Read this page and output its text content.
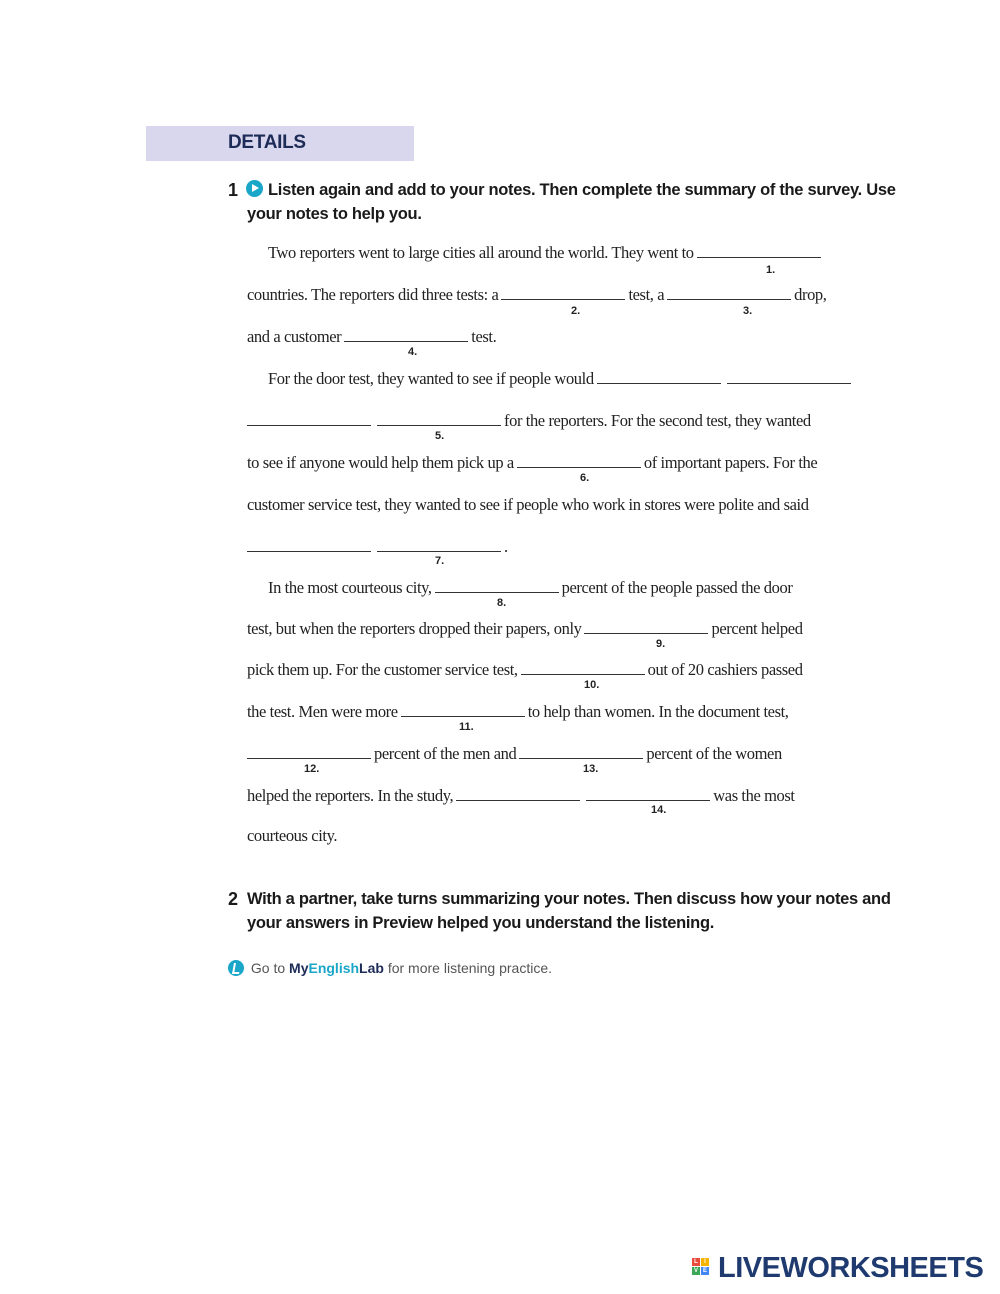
DETAILS
1 Listen again and add to your notes. Then complete the summary of the survey. Use
your notes to help you.
Two reporters went to large cities all around the world. They went to
1.
countries. The reporters did three tests: a	test, a	drop,
2.	3.
and a customer	test.
4.
For the door test, they wanted to see if people would
for the reporters. For the second test, they wanted
5.
to see if anyone would help them pick up a	of important papers. For the
6.
customer service test, they wanted to see if people who work in stores were polite and said
.
7.
In the most courteous city,	percent of the people passed the door
8.
test, but when the reporters dropped their papers, only	percent helped
9.
pick them up. For the customer service test,	out of 20 cashiers passed
10.
the test. Men were more	to help than women. In the document test,
11.
percent of the men and	percent of the women
12.	13.
helped the reporters. In the study,	was the most
14.
courteous city.
2 With a partner, take turns summarizing your notes. Then discuss how your notes and
your answers in Preview helped you understand the listening.
Go to MyEnglishLab for more listening practice.
L	I
V E LIVEWORKSHEETS
